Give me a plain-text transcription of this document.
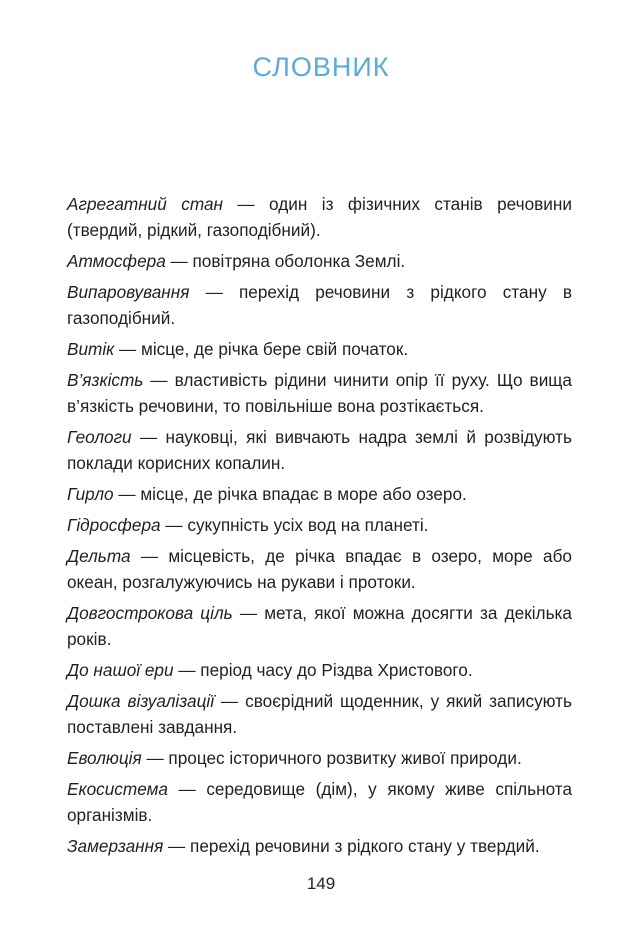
СЛОВНИК

Агрегатний стан — один із фізичних станів речовини (твердий, рідкий, газоподібний).

Атмосфера — повітряна оболонка Землі.

Випаровування — перехід речовини з рідкого стану в газоподібний.

Витік — місце, де річка бере свій початок.

В’язкість — властивість рідини чинити опір її руху. Що вища в’язкість речовини, то повільніше вона розтікається.

Геологи — науковці, які вивчають надра землі й розвідують поклади корисних копалин.

Гирло — місце, де річка впадає в море або озеро.

Гідросфера — сукупність усіх вод на планеті.

Дельта — місцевість, де річка впадає в озеро, море або океан, розгалужуючись на рукави і протоки.

Довгострокова ціль — мета, якої можна досягти за декілька років.

До нашої ери — період часу до Різдва Христового.

Дошка візуалізації — своєрідний щоденник, у який записують поставлені завдання.

Еволюція — процес історичного розвитку живої природи.

Екосистема — середовище (дім), у якому живе спільнота організмів.

Замерзання — перехід речовини з рідкого стану у твердий.

149
